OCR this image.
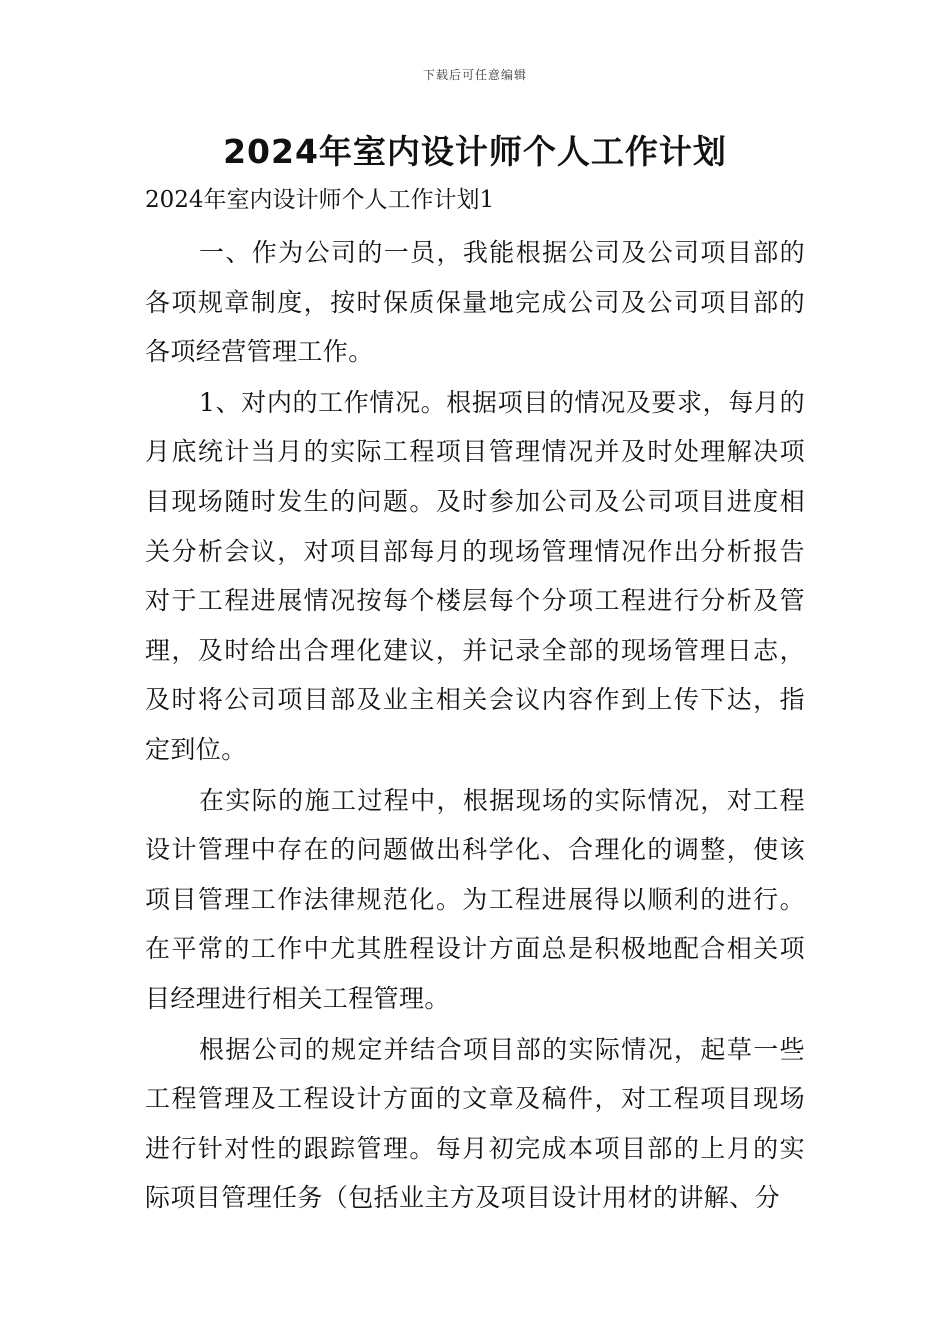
下载后可任意编辑
2024年室内设计师个人工作计划

2024年室内设计师个人工作计划1

一、作为公司的一员，我能根据公司及公司项目部的各项规章制度，按时保质保量地完成公司及公司项目部的各项经营管理工作。

1、对内的工作情况。根据项目的情况及要求，每月的月底统计当月的实际工程项目管理情况并及时处理解决项目现场随时发生的问题。及时参加公司及公司项目进度相关分析会议，对项目部每月的现场管理情况作出分析报告对于工程进展情况按每个楼层每个分项工程进行分析及管理，及时给出合理化建议，并记录全部的现场管理日志，及时将公司项目部及业主相关会议内容作到上传下达，指定到位。

在实际的施工过程中，根据现场的实际情况，对工程设计管理中存在的问题做出科学化、合理化的调整，使该项目管理工作法律规范化。为工程进展得以顺利的进行。在平常的工作中尤其胜程设计方面总是积极地配合相关项目经理进行相关工程管理。

根据公司的规定并结合项目部的实际情况，起草一些工程管理及工程设计方面的文章及稿件，对工程项目现场进行针对性的跟踪管理。每月初完成本项目部的上月的实际项目管理任务（包括业主方及项目设计用材的讲解、分
